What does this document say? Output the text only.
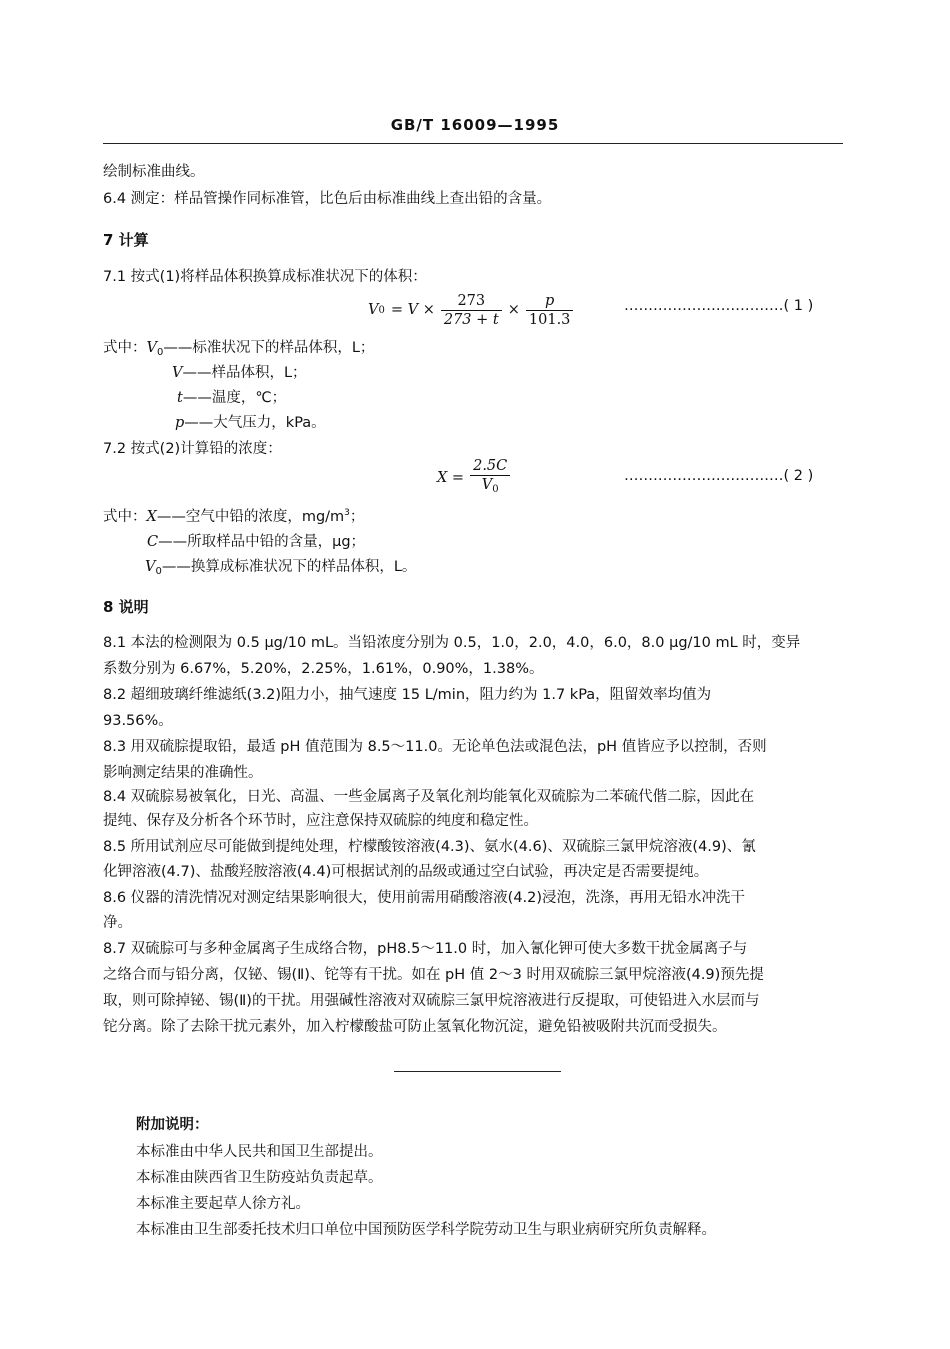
GB/T 16009—1995
绘制标准曲线。
6.4 测定：样品管操作同标准管，比色后由标准曲线上查出铅的含量。
7 计算
7.1 按式(1)将样品体积换算成标准状况下的体积：
V $0 = V \times \frac{273}{273 + t} \times \frac{p}{101.3}$	……………………………( 1 )
式中：$V_0——$标准状况下的样品体积，L；
V——样品体积，L；
t——温度，℃；
p——大气压力，kPa。
7.2 按式(2)计算铅的浓度：
$X = \frac{2.5C}{V_0}$	……………………………( 2 )
式中：X——空气中铅的浓度，$mg/m^3$；
C——所取样品中铅的含量，μg；
$V_0——$换算成标准状况下的样品体积，L。
8 说明
8.1 本法的检测限为 0.5 μg/10 mL。当铅浓度分别为 0.5，1.0，2.0，4.0，6.0，8.0 μg/10 mL 时，变异
系数分别为 6.67%，5.20%，2.25%，1.61%，0.90%，1.38%。
8.2 超细玻璃纤维滤纸(3.2)阻力小，抽气速度 15 L/min，阻力约为 1.7 kPa，阻留效率均值为
93.56%。
8.3 用双硫腙提取铅，最适 pH 值范围为 8.5～11.0。无论单色法或混色法，pH 值皆应予以控制，否则
影响测定结果的准确性。
8.4 双硫腙易被氧化，日光、高温、一些金属离子及氧化剂均能氧化双硫腙为二苯硫代偕二腙，因此在
提纯、保存及分析各个环节时，应注意保持双硫腙的纯度和稳定性。
8.5 所用试剂应尽可能做到提纯处理，柠檬酸铵溶液(4.3)、氨水(4.6)、双硫腙三氯甲烷溶液(4.9)、氰
化钾溶液(4.7)、盐酸羟胺溶液(4.4)可根据试剂的品级或通过空白试验，再决定是否需要提纯。
8.6 仪器的清洗情况对测定结果影响很大，使用前需用硝酸溶液(4.2)浸泡，洗涤，再用无铅水冲洗干
净。
8.7 双硫腙可与多种金属离子生成络合物，pH8.5～11.0 时，加入氰化钾可使大多数干扰金属离子与
之络合而与铅分离，仅铋、锡(Ⅱ)、铊等有干扰。如在 pH 值 2～3 时用双硫腙三氯甲烷溶液(4.9)预先提
取，则可除掉铋、锡(Ⅱ)的干扰。用强碱性溶液对双硫腙三氯甲烷溶液进行反提取，可使铅进入水层而与
铊分离。除了去除干扰元素外，加入柠檬酸盐可防止氢氧化物沉淀，避免铅被吸附共沉而受损失。
附加说明：
本标准由中华人民共和国卫生部提出。
本标准由陕西省卫生防疫站负责起草。
本标准主要起草人徐方礼。
本标准由卫生部委托技术归口单位中国预防医学科学院劳动卫生与职业病研究所负责解释。
